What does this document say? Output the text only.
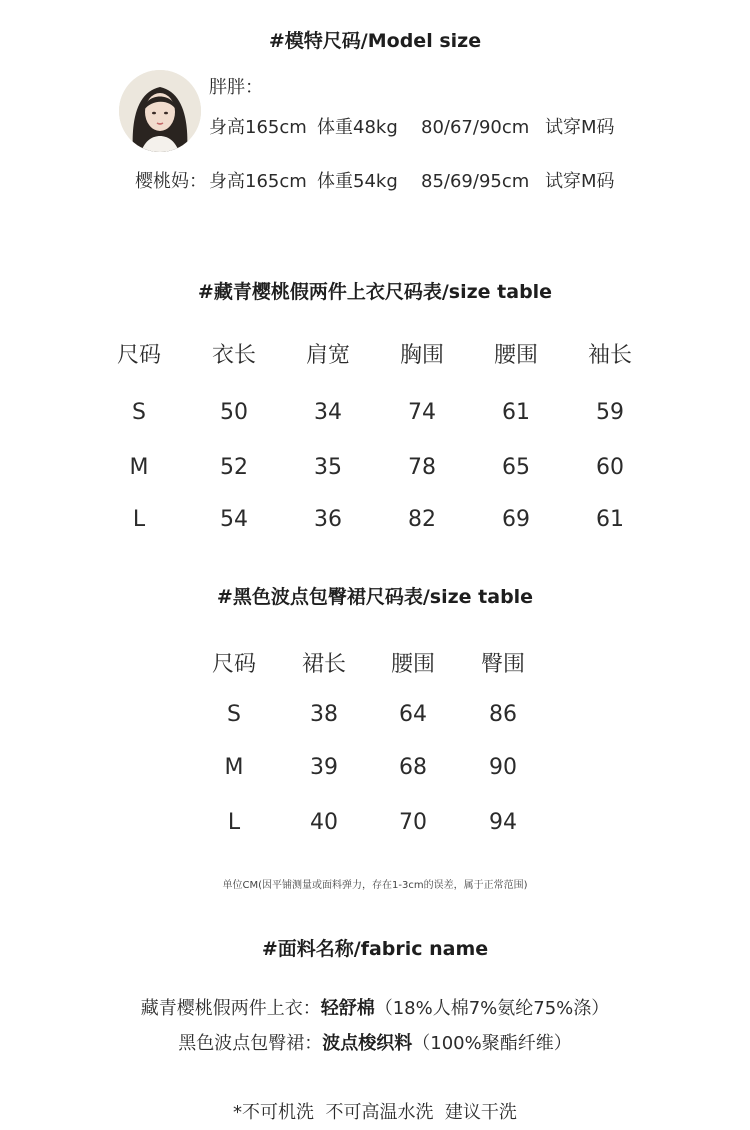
#模特尺码/Model size
胖胖：
身高165cm 体重48kg 80/67/90cm 试穿M码
樱桃妈： 身高165cm 体重54kg 85/69/95cm 试穿M码
#藏青樱桃假两件上衣尺码表/size table
尺码	衣长	肩宽	胸围	腰围	袖长
S	50	34	74	61	59
M	52	35	78	65	60
L	54	36	82	69	61
#黑色波点包臀裙尺码表/size table
尺码	裙长	腰围	臀围
S	38	64	86
M	39	68	90
L	40	70	94
单位CM(因平铺测量或面料弹力，存在1-3cm的误差，属于正常范围)
#面料名称/fabric name
藏青樱桃假两件上衣：轻舒棉（18%人棉7%氨纶75%涤）
黑色波点包臀裙：波点梭织料（100%聚酯纤维）
*不可机洗  不可高温水洗  建议干洗
